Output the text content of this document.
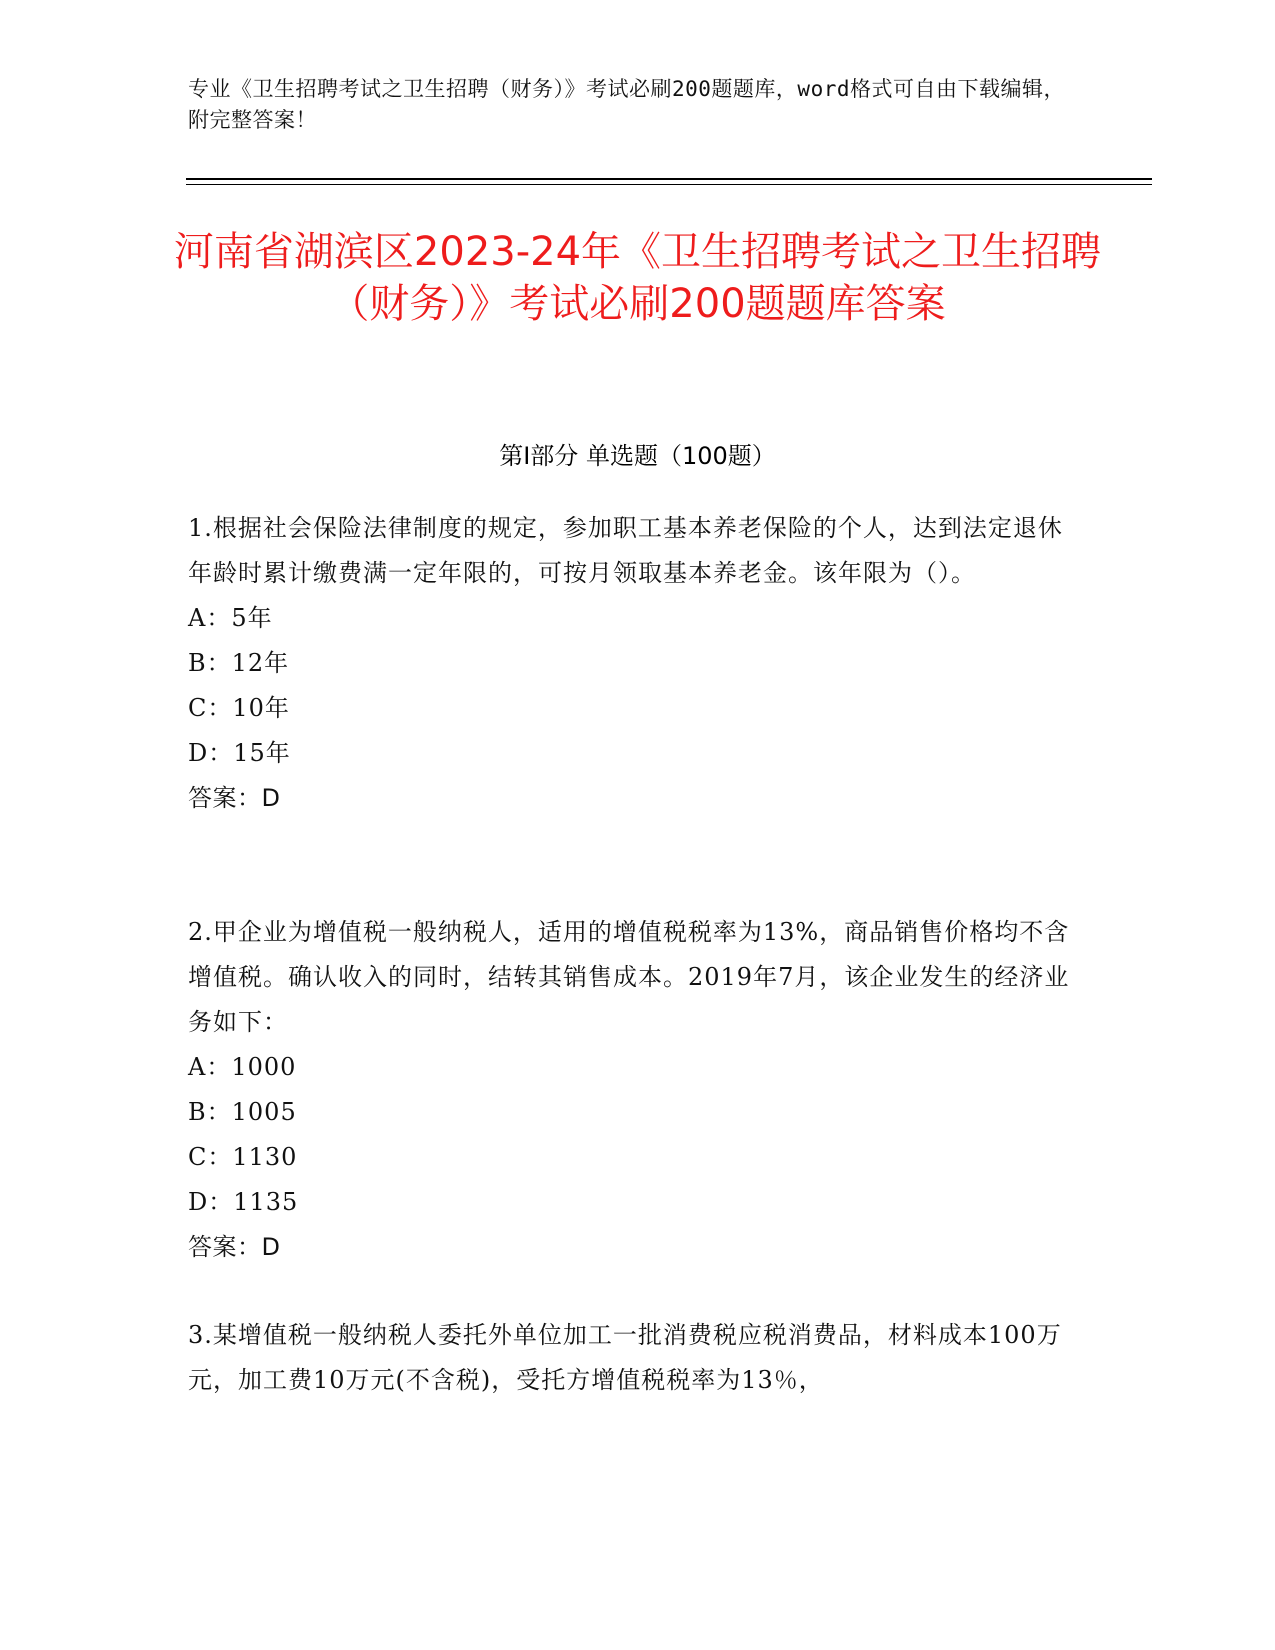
专业《卫生招聘考试之卫生招聘（财务）》考试必刷200题题库，word格式可自由下载编辑，附完整答案！
河南省湖滨区2023-24年《卫生招聘考试之卫生招聘（财务）》考试必刷200题题库答案
第Ⅰ部分 单选题（100题）
1.根据社会保险法律制度的规定，参加职工基本养老保险的个人，达到法定退休年龄时累计缴费满一定年限的，可按月领取基本养老金。该年限为（）。
A：5年
B：12年
C：10年
D：15年
答案：D
2.甲企业为增值税一般纳税人，适用的增值税税率为13%，商品销售价格均不含增值税。确认收入的同时，结转其销售成本。2019年7月，该企业发生的经济业务如下：
A：1000
B：1005
C：1130
D：1135
答案：D
3.某增值税一般纳税人委托外单位加工一批消费税应税消费品，材料成本100万元，加工费10万元(不含税)，受托方增值税税率为13％，
